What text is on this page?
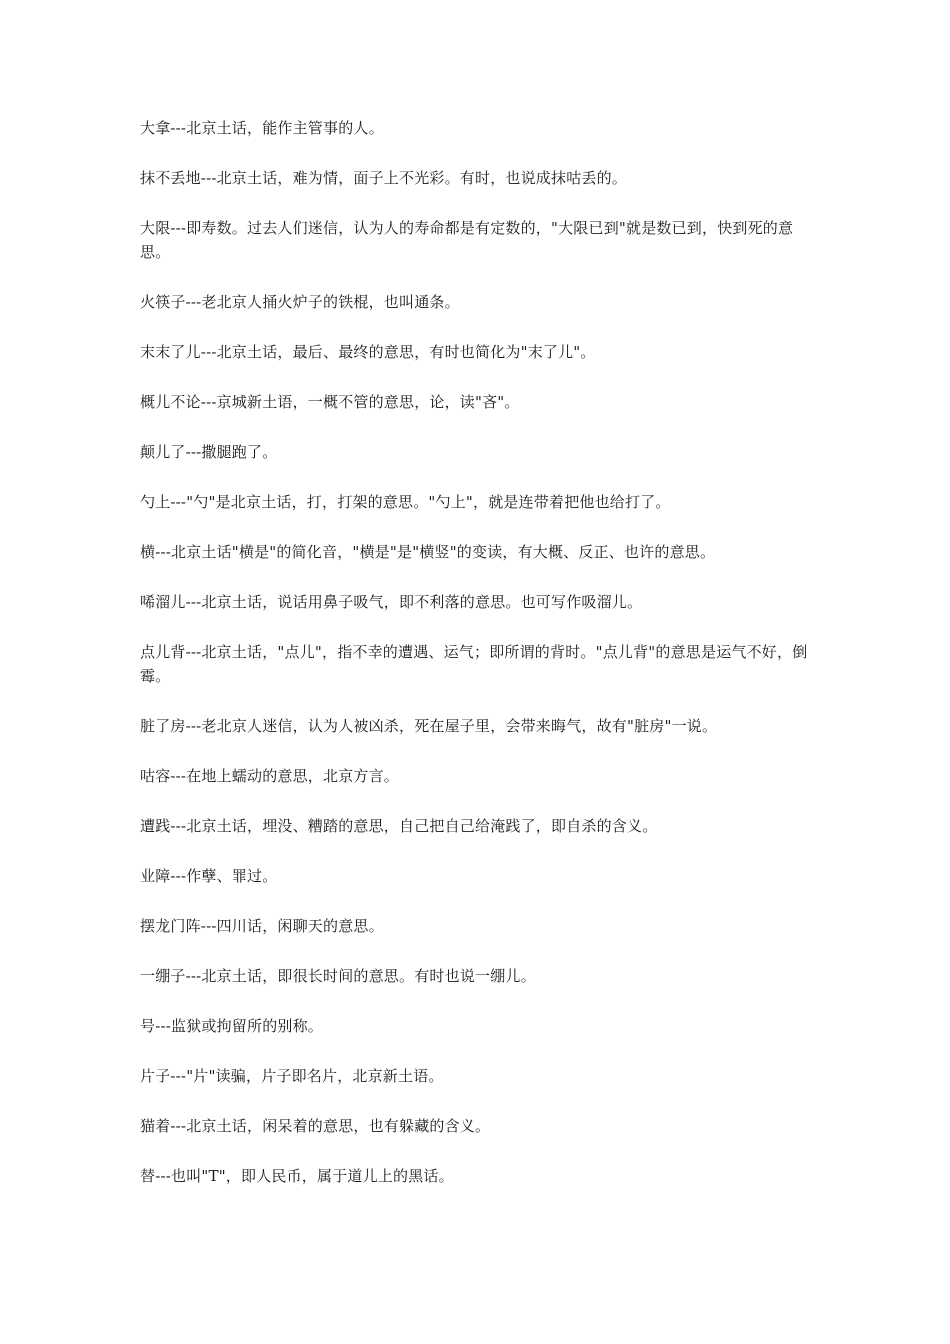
大拿---北京土话，能作主管事的人。

抹不丢地---北京土话，难为情，面子上不光彩。有时，也说成抹咕丢的。

大限---即寿数。过去人们迷信，认为人的寿命都是有定数的，"大限已到"就是数已到，快到死的意思。

火筷子---老北京人捅火炉子的铁棍，也叫通条。

末末了儿---北京土话，最后、最终的意思，有时也简化为"末了儿"。

概儿不论---京城新土语，一概不管的意思，论，读"吝"。

颠儿了---撒腿跑了。

勺上---"勺"是北京土话，打，打架的意思。"勺上"，就是连带着把他也给打了。

横---北京土话"横是"的简化音，"横是"是"横竖"的变读，有大概、反正、也许的意思。

唏溜儿---北京土话，说话用鼻子吸气，即不利落的意思。也可写作吸溜儿。

点儿背---北京土话，"点儿"，指不幸的遭遇、运气；即所谓的背时。"点儿背"的意思是运气不好，倒霉。

脏了房---老北京人迷信，认为人被凶杀，死在屋子里，会带来晦气，故有"脏房"一说。

咕容---在地上蠕动的意思，北京方言。

遭践---北京土话，埋没、糟踏的意思，自己把自己给淹践了，即自杀的含义。

业障---作孽、罪过。

摆龙门阵---四川话，闲聊天的意思。

一绷子---北京土话，即很长时间的意思。有时也说一绷儿。

号---监狱或拘留所的别称。

片子---"片"读骗，片子即名片，北京新土语。

猫着---北京土话，闲呆着的意思，也有躲藏的含义。

替---也叫"T"，即人民币，属于道儿上的黑话。
